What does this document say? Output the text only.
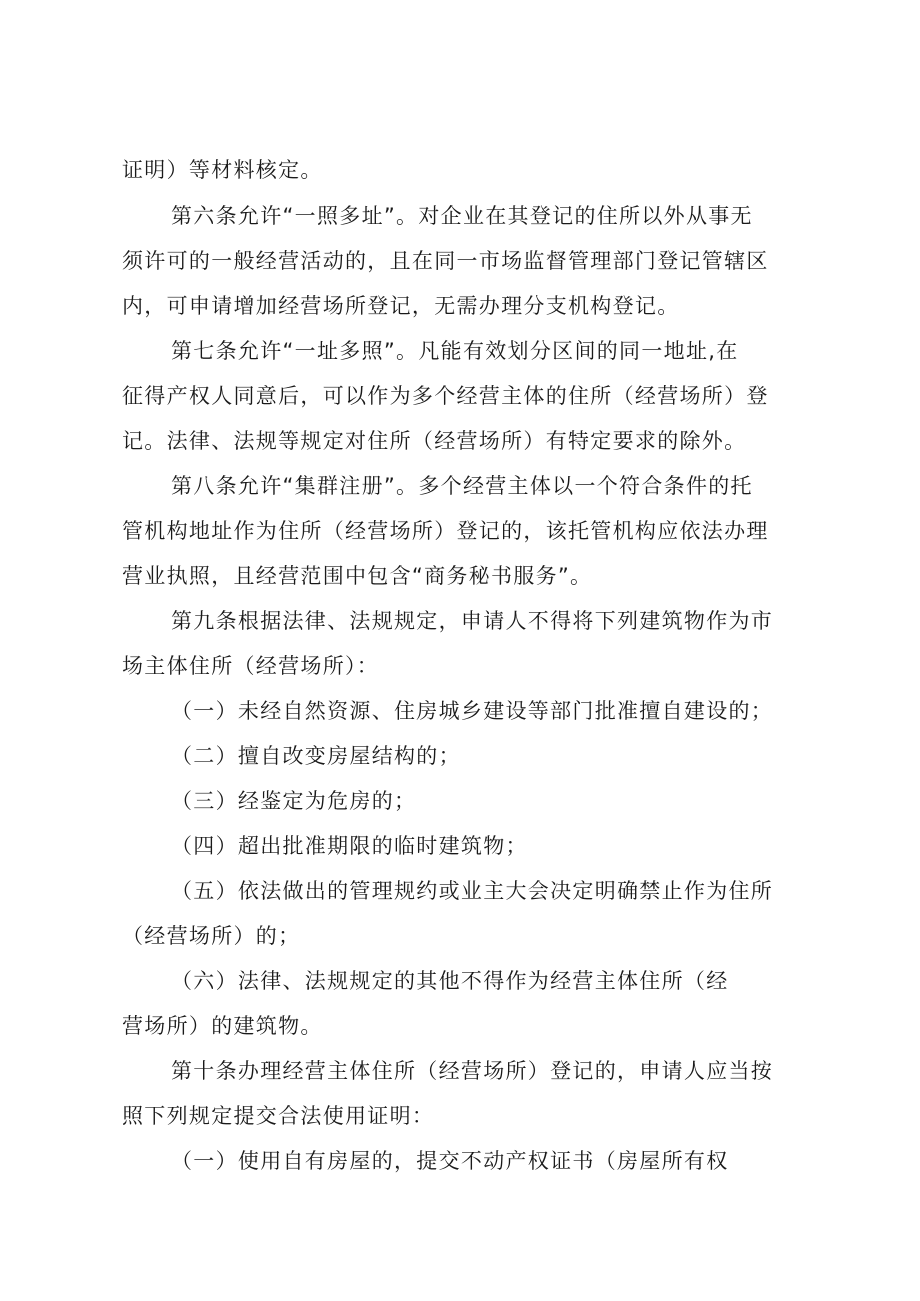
证明）等材料核定。
第六条允许“一照多址”。对企业在其登记的住所以外从事无
须许可的一般经营活动的，且在同一市场监督管理部门登记管辖区
内，可申请增加经营场所登记，无需办理分支机构登记。
第七条允许“一址多照”。凡能有效划分区间的同一地址,在
征得产权人同意后，可以作为多个经营主体的住所（经营场所）登
记。法律、法规等规定对住所（经营场所）有特定要求的除外。
第八条允许“集群注册”。多个经营主体以一个符合条件的托
管机构地址作为住所（经营场所）登记的，该托管机构应依法办理
营业执照，且经营范围中包含“商务秘书服务”。
第九条根据法律、法规规定，申请人不得将下列建筑物作为市
场主体住所（经营场所）：
（一）未经自然资源、住房城乡建设等部门批准擅自建设的；
（二）擅自改变房屋结构的；
（三）经鉴定为危房的；
（四）超出批准期限的临时建筑物；
（五）依法做出的管理规约或业主大会决定明确禁止作为住所
（经营场所）的；
（六）法律、法规规定的其他不得作为经营主体住所（经
营场所）的建筑物。
第十条办理经营主体住所（经营场所）登记的，申请人应当按
照下列规定提交合法使用证明：
（一）使用自有房屋的，提交不动产权证书（房屋所有权
